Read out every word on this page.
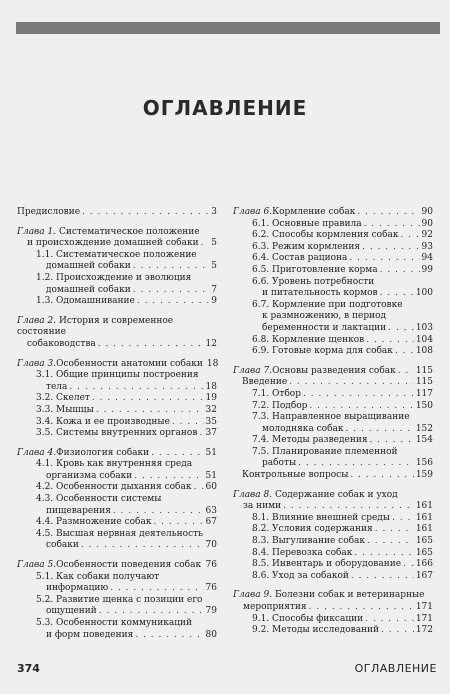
ОГЛАВЛЕНИЕ
Предисловие . . .	3
Глава 1. Систематическое положение
и происхождение домашней собаки . . . 5
1.1. Систематическое положение
домашней собаки . . .	5
1.2. Происхождение и эволюция
домашней собаки . . .	7
1.3. Одомашнивание . . .	9
Глава 2. История и современное состояние
собаководства . . .	12
Глава 3. Особенности анатомии собаки 18
3.1. Общие принципы построения
тела . . .	18
3.2. Скелет . . .	19
3.3. Мышцы . . .	32
3.4. Кожа и ее производные . . .	35
3.5. Системы внутренних органов . . . 37
Глава 4. Физиология собаки . . .	51
4.1. Кровь как внутренняя среда
организма собаки . . .	51
4.2. Особенности дыхания собак . . . 60
4.3. Особенности системы
пищеварения . . .	63
4.4. Размножение собак . . .	67
4.5. Высшая нервная деятельность
собаки . . .	70
Глава 5. Особенности поведения собак . . . 76
5.1. Как собаки получают
информацию . . .	76
5.2. Развитие щенка с позиции его
ощущений . . .	79
5.3. Особенности коммуникаций
и форм поведения . . .	80
Глава 6. Кормление собак . . .	90
6.1. Основные правила . . .	90
6.2. Способы кормления собак . . .	92
6.3. Режим кормления . . .	93
6.4. Состав рациона . . .	94
6.5. Приготовление корма . . .	99
6.6. Уровень потребности
и питательность кормов . . .	100
6.7. Кормление при подготовке
к размножению, в период
беременности и лактации . . .	103
6.8. Кормление щенков . . .	104
6.9. Готовые корма для собак . . .	108
Глава 7. Основы разведения собак . . . 115
Введение . . .	115
7.1. Отбор . . .	117
7.2. Подбор . . .	150
7.3. Направленное выращивание
молодняка собак . . .	152
7.4. Методы разведения . . .	154
7.5. Планирование племенной
работы . . .	156
Контрольные вопросы . . .	159
Глава 8. Содержание собак и уход
за ними . . .	161
8.1. Влияние внешней среды . . .	161
8.2. Условия содержания . . .	161
8.3. Выгуливание собак . . .	165
8.4. Перевозка собак . . .	165
8.5. Инвентарь и оборудование . . . 166
8.6. Уход за собакой . . .	167
Глава 9. Болезни собак и ветеринарные
мероприятия . . .	171
9.1. Способы фиксации . . .	171
9.2. Методы исследований . . .	172
374	ОГЛАВЛЕНИЕ
